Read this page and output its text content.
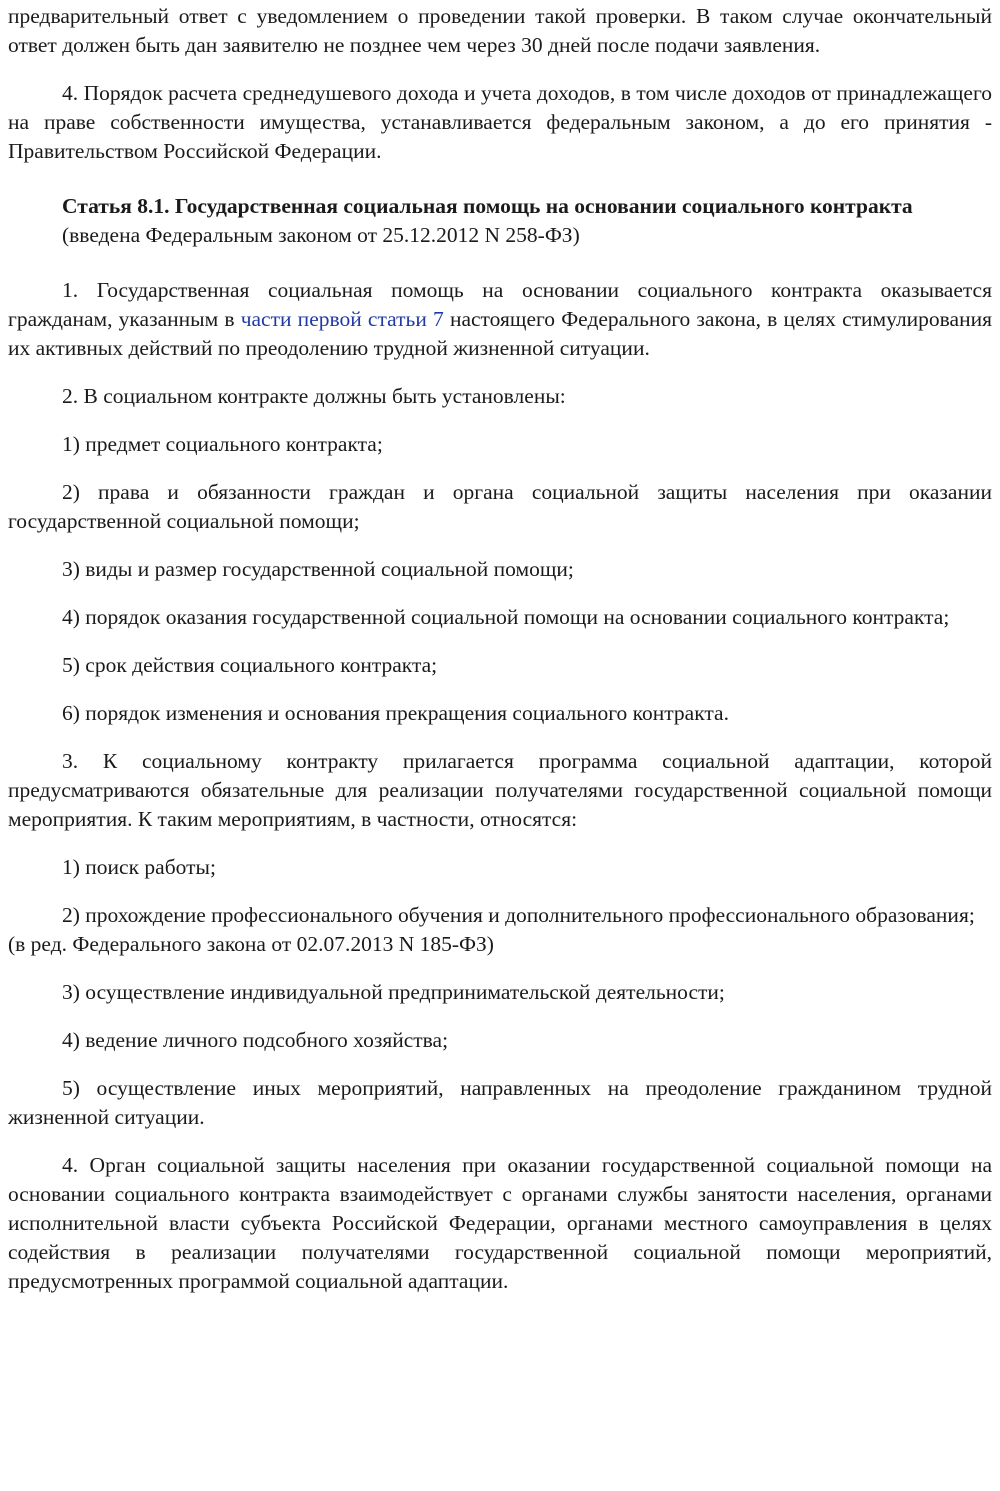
предварительный ответ с уведомлением о проведении такой проверки. В таком случае окончательный ответ должен быть дан заявителю не позднее чем через 30 дней после подачи заявления.

4. Порядок расчета среднедушевого дохода и учета доходов, в том числе доходов от принадлежащего на праве собственности имущества, устанавливается федеральным законом, а до его принятия - Правительством Российской Федерации.

Статья 8.1. Государственная социальная помощь на основании социального контракта

(введена Федеральным законом от 25.12.2012 N 258-ФЗ)

1. Государственная социальная помощь на основании социального контракта оказывается гражданам, указанным в части первой статьи 7 настоящего Федерального закона, в целях стимулирования их активных действий по преодолению трудной жизненной ситуации.

2. В социальном контракте должны быть установлены:

1) предмет социального контракта;

2) права и обязанности граждан и органа социальной защиты населения при оказании государственной социальной помощи;

3) виды и размер государственной социальной помощи;

4) порядок оказания государственной социальной помощи на основании социального контракта;

5) срок действия социального контракта;

6) порядок изменения и основания прекращения социального контракта.

3. К социальному контракту прилагается программа социальной адаптации, которой предусматриваются обязательные для реализации получателями государственной социальной помощи мероприятия. К таким мероприятиям, в частности, относятся:

1) поиск работы;

2) прохождение профессионального обучения и дополнительного профессионального образования;

(в ред. Федерального закона от 02.07.2013 N 185-ФЗ)

3) осуществление индивидуальной предпринимательской деятельности;

4) ведение личного подсобного хозяйства;

5) осуществление иных мероприятий, направленных на преодоление гражданином трудной жизненной ситуации.

4. Орган социальной защиты населения при оказании государственной социальной помощи на основании социального контракта взаимодействует с органами службы занятости населения, органами исполнительной власти субъекта Российской Федерации, органами местного самоуправления в целях содействия в реализации получателями государственной социальной помощи мероприятий, предусмотренных программой социальной адаптации.
